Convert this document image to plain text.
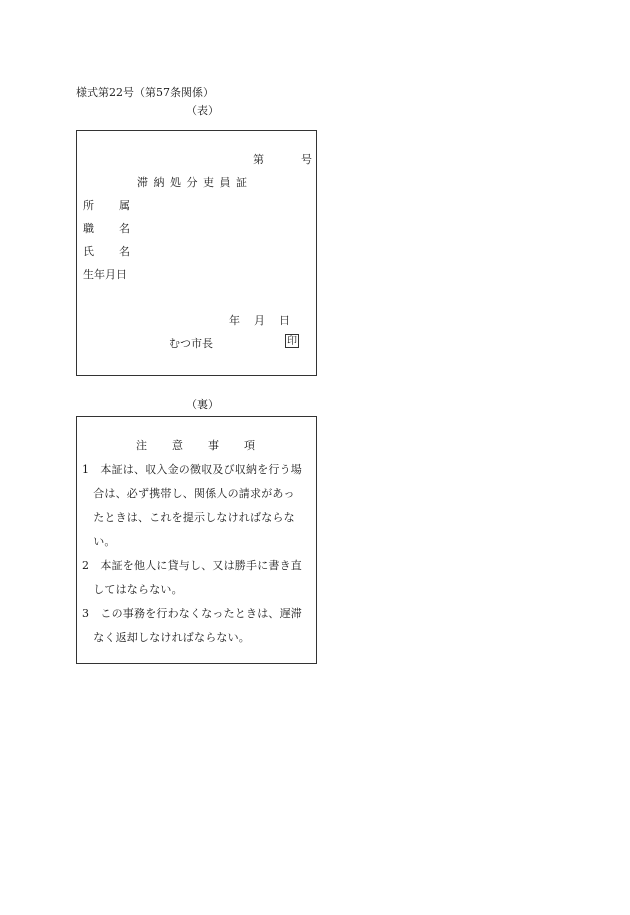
様式第22号（第57条関係）
（表）
第	号
滞 納 処 分 吏 員 証
所 属
職 名
氏 名
生年月日
年 月 日
むつ市長	印
（裏）
注 意 事 項
1　本証は、収入金の徴収及び収納を行う場
　合は、必ず携帯し、関係人の請求があっ
　たときは、これを提示しなければならな
　い。
2　本証を他人に貸与し、又は勝手に書き直
　してはならない。
3　この事務を行わなくなったときは、遅滞
　なく返却しなければならない。
